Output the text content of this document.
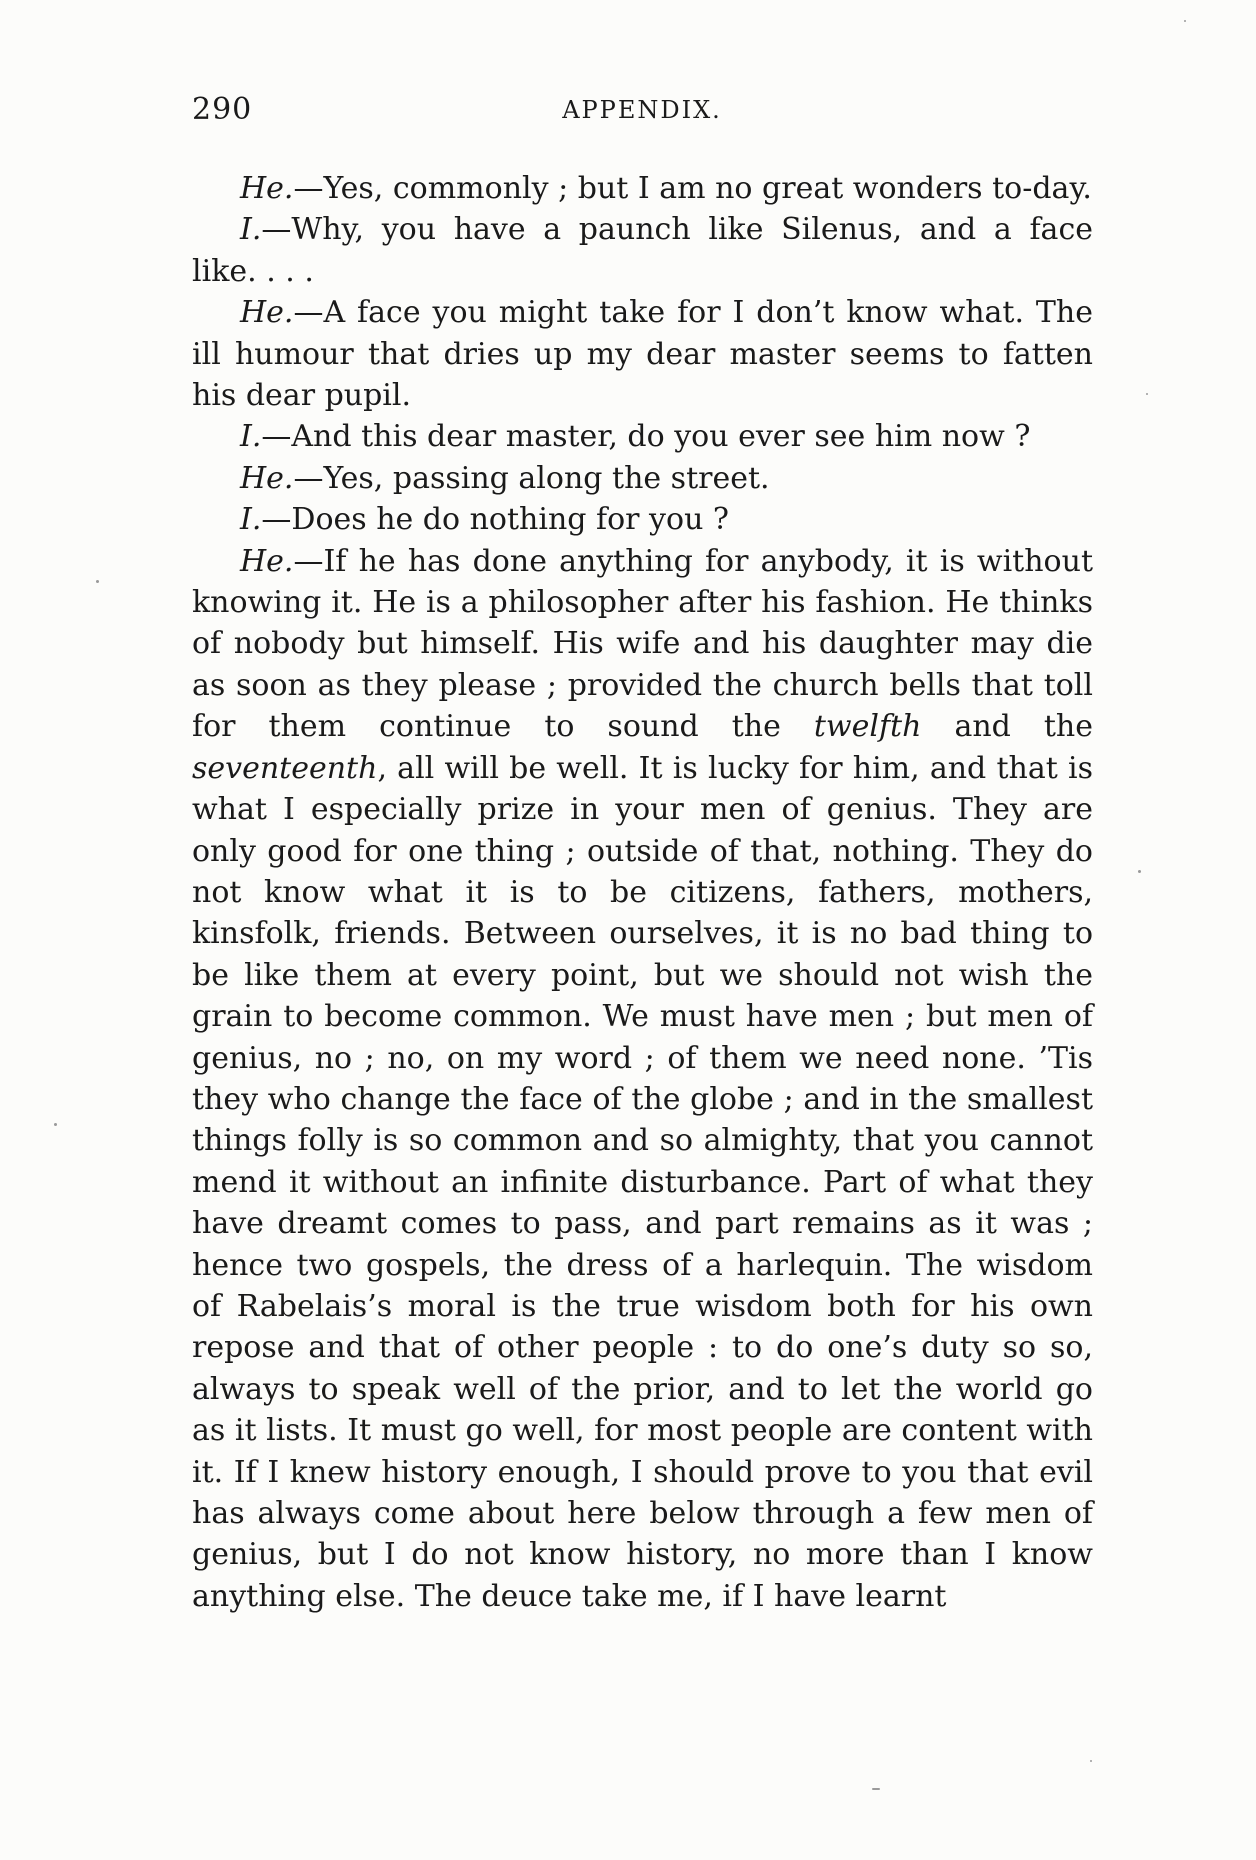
290	APPENDIX.

He.—Yes, commonly ; but I am no great wonders to-day.

I.—Why, you have a paunch like Silenus, and a face like. . . .

He.—A face you might take for I don’t know what. The ill humour that dries up my dear master seems to fatten his dear pupil.

I.—And this dear master, do you ever see him now ?

He.—Yes, passing along the street.

I.—Does he do nothing for you ?

He.—If he has done anything for anybody, it is without knowing it. He is a philosopher after his fashion. He thinks of nobody but himself. His wife and his daughter may die as soon as they please ; provided the church bells that toll for them continue to sound the twelfth and the seventeenth, all will be well. It is lucky for him, and that is what I especially prize in your men of genius. They are only good for one thing ; outside of that, nothing. They do not know what it is to be citizens, fathers, mothers, kinsfolk, friends. Between ourselves, it is no bad thing to be like them at every point, but we should not wish the grain to become common. We must have men ; but men of genius, no ; no, on my word ; of them we need none. ’Tis they who change the face of the globe ; and in the smallest things folly is so common and so almighty, that you cannot mend it without an infinite disturbance. Part of what they have dreamt comes to pass, and part remains as it was ; hence two gospels, the dress of a harlequin. The wisdom of Rabelais’s moral is the true wisdom both for his own repose and that of other people : to do one’s duty so so, always to speak well of the prior, and to let the world go as it lists. It must go well, for most people are content with it. If I knew history enough, I should prove to you that evil has always come about here below through a few men of genius, but I do not know history, no more than I know anything else. The deuce take me, if I have learnt
